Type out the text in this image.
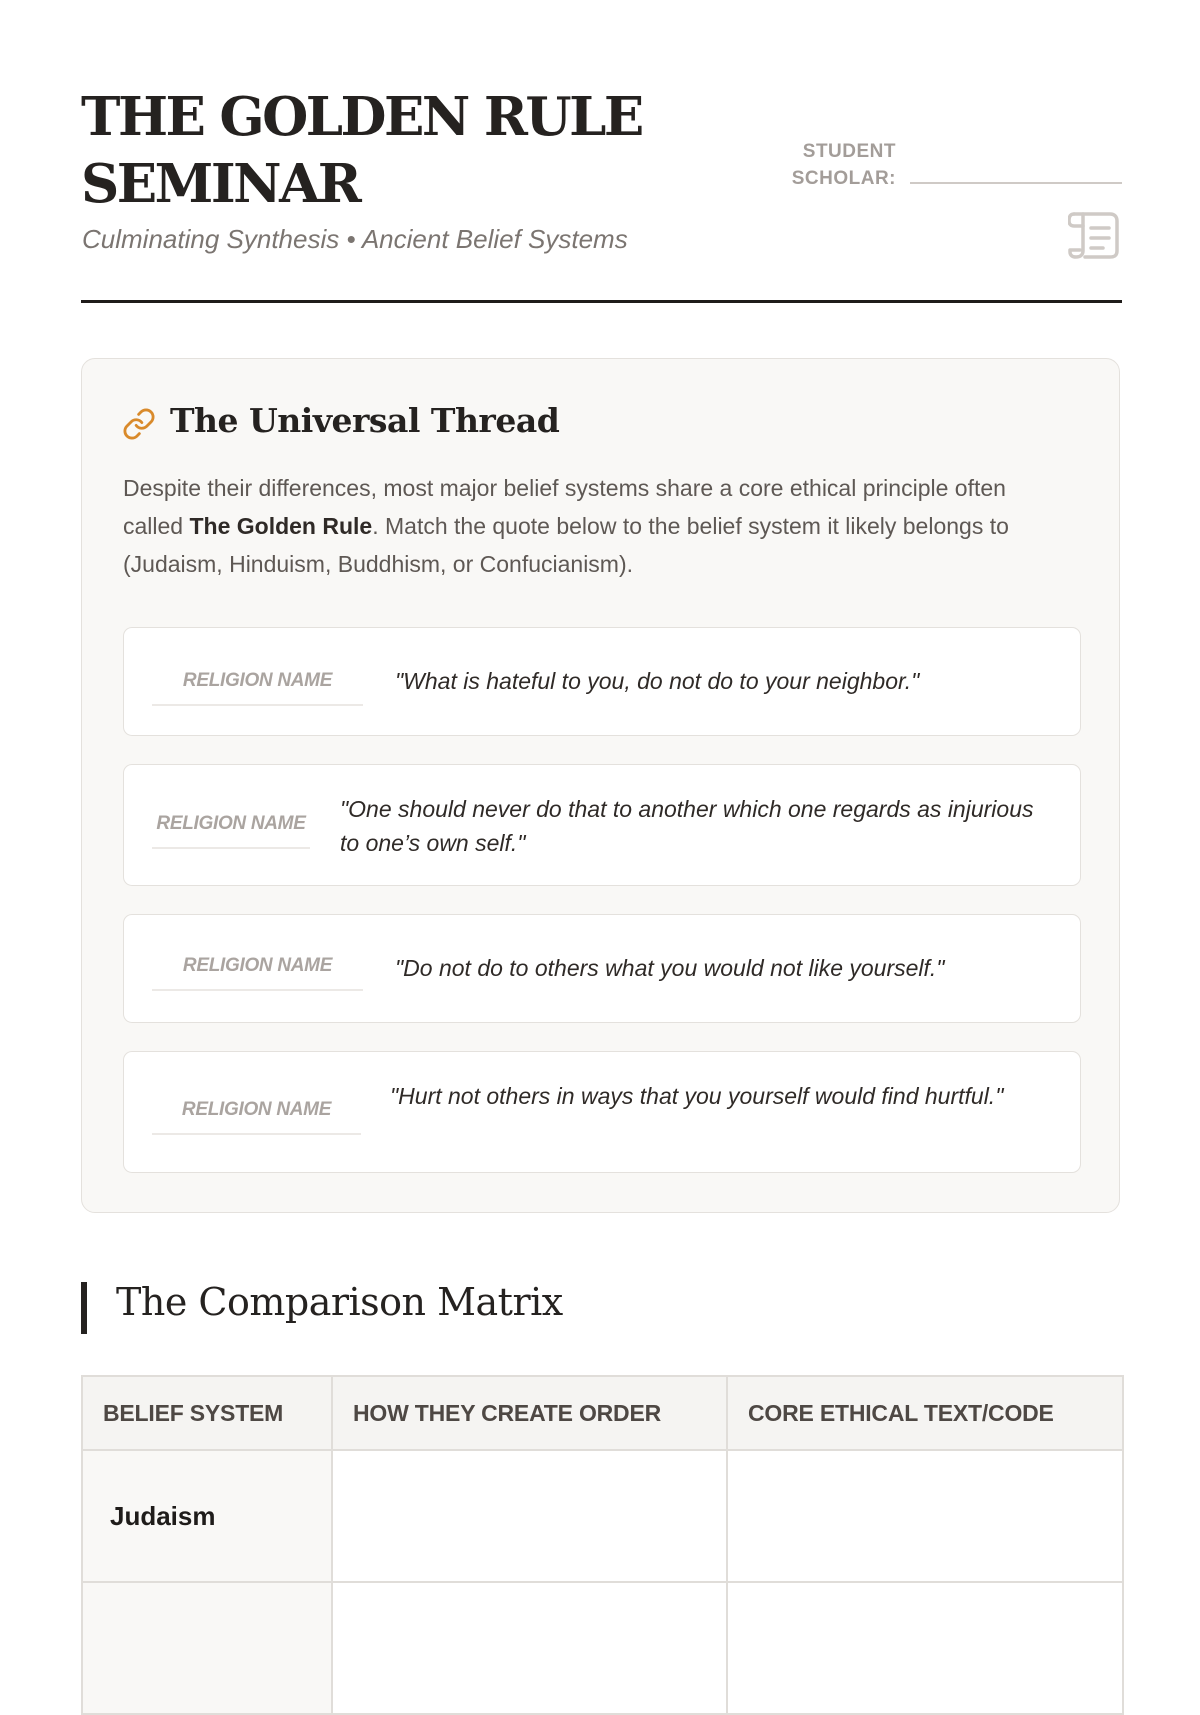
THE GOLDEN RULE SEMINAR

Culminating Synthesis • Ancient Belief Systems

STUDENT
SCHOLAR:
The Universal Thread

Despite their differences, most major belief systems share a core ethical principle often called The Golden Rule. Match the quote below to the belief system it likely belongs to (Judaism, Hinduism, Buddhism, or Confucianism).

RELIGION NAME	"What is hateful to you, do not do to your neighbor."

RELIGION NAME

"One should never do that to another which one regards as injurious to one’s own self."

RELIGION NAME	"Do not do to others what you would not like yourself."

RELIGION NAME

"Hurt not others in ways that you yourself would find hurtful."

The Comparison Matrix
BELIEF SYSTEM	HOW THEY CREATE ORDER	CORE ETHICAL TEXT/CODE
Judaism		
